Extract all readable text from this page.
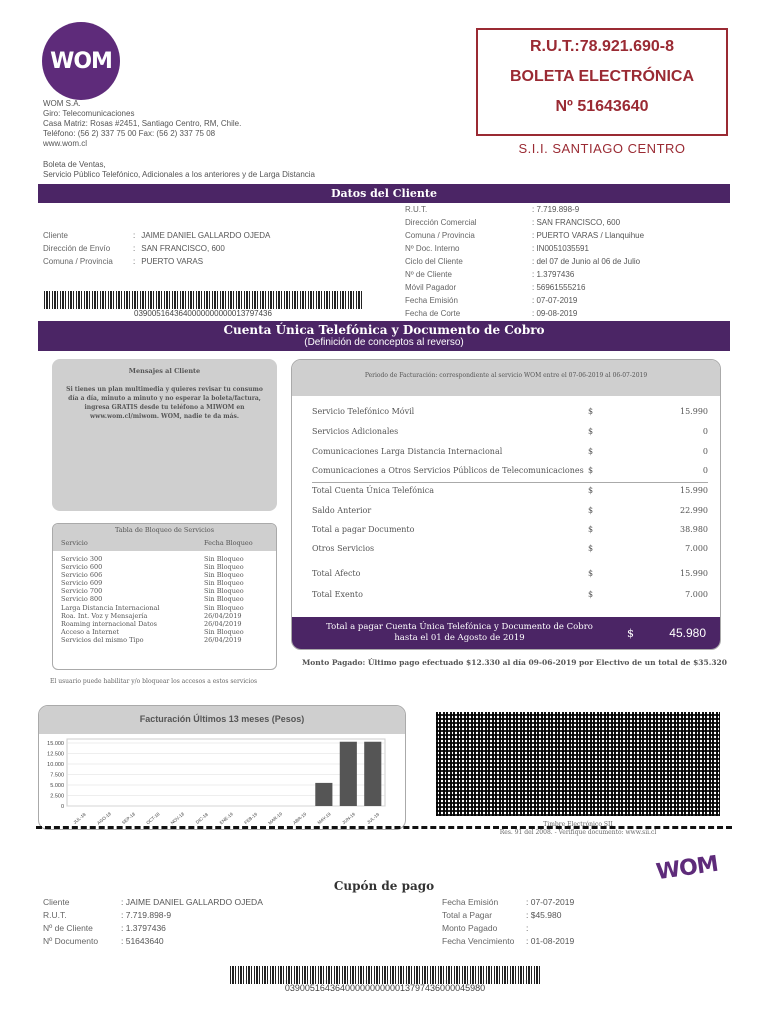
WOM
WOM S.A.
Giro: Telecomunicaciones
Casa Matriz: Rosas #2451, Santiago Centro, RM, Chile.
Teléfono: (56 2) 337 75 00 Fax: (56 2) 337 75 08
www.wom.cl
Boleta de Ventas,
Servicio Público Telefónico, Adicionales a los anteriores y de Larga Distancia
R.U.T.:78.921.690-8
BOLETA ELECTRÓNICA
Nº 51643640
S.I.I. SANTIAGO CENTRO
Datos del Cliente
Cliente	: JAIME DANIEL GALLARDO OJEDA
Dirección de Envío	: SAN FRANCISCO, 600
Comuna / Provincia	: PUERTO VARAS
R.U.T.	: 7.719.898-9
Dirección Comercial	: SAN FRANCISCO, 600
Comuna / Provincia	: PUERTO VARAS / Llanquihue
Nº Doc. Interno	: IN0051035591
Ciclo del Cliente	: del 07 de Junio al 06 de Julio
Nº de Cliente	: 1.3797436
Móvil Pagador	: 56961555216
Fecha Emisión	: 07-07-2019
Fecha de Corte	: 09-08-2019
0390051643640000000000013797436
Cuenta Única Telefónica y Documento de Cobro
(Definición de conceptos al reverso)
Mensajes al Cliente
Si tienes un plan multimedia y quieres revisar tu consumo día a día, minuto a minuto y no esperar la boleta/factura, ingresa GRATIS desde tu teléfono a MIWOM en www.wom.cl/miwom. WOM, nadie te da más.
Tabla de Bloqueo de Servicios
Servicio	Fecha Bloqueo
Servicio 300	Sin Bloqueo
Servicio 600	Sin Bloqueo
Servicio 606	Sin Bloqueo
Servicio 609	Sin Bloqueo
Servicio 700	Sin Bloqueo
Servicio 800	Sin Bloqueo
Larga Distancia Internacional	Sin Bloqueo
Roa. Int. Voz y Mensajería	26/04/2019
Roaming internacional Datos	26/04/2019
Acceso a Internet	Sin Bloqueo
Servicios del mismo Tipo	26/04/2019
El usuario puede habilitar y/o bloquear los accesos a estos servicios
Periodo de Facturación: correspondiente al servicio WOM entre el 07-06-2019 al 06-07-2019
Servicio Telefónico Móvil	$	15.990
Servicios Adicionales	$	0
Comunicaciones Larga Distancia Internacional	$	0
Comunicaciones a Otros Servicios Públicos de Telecomunicaciones $	0
Total Cuenta Única Telefónica	$	15.990
Saldo Anterior	$	22.990
Total a pagar Documento	$	38.980
Otros Servicios	$	7.000
Total Afecto	$	15.990
Total Exento	$	7.000
Total a pagar Cuenta Única Telefónica y Documento de Cobro
hasta el 01 de Agosto de 2019	$	45.980
Monto Pagado: Último pago efectuado $12.330 al día 09-06-2019 por Electivo de un total de $35.320
Facturación Últimos 13 meses (Pesos)
15.000
12.500
10.000
7.500
5.000
2.500
0
JUL-18 AGO-18 SEP-18 OCT-18 NOV-18 DIC-18 ENE-19 FEB-19 MAR-19 ABR-19 MAY-19 JUN-19 JUL-19	Timbre Electrónico SII
Res. 91 del 2008. - Verifique documento: www.sii.cl
WOM
Cupón de pago
Cliente	: JAIME DANIEL GALLARDO OJEDA
R.U.T.	: 7.719.898-9
Nº de Cliente	: 1.3797436
Nº Documento	: 51643640
Fecha Emisión	: 07-07-2019
Total a Pagar	: $45.980
Monto Pagado	:
Fecha Vencimiento	: 01-08-2019
0390051643640000000000013797436000045980
